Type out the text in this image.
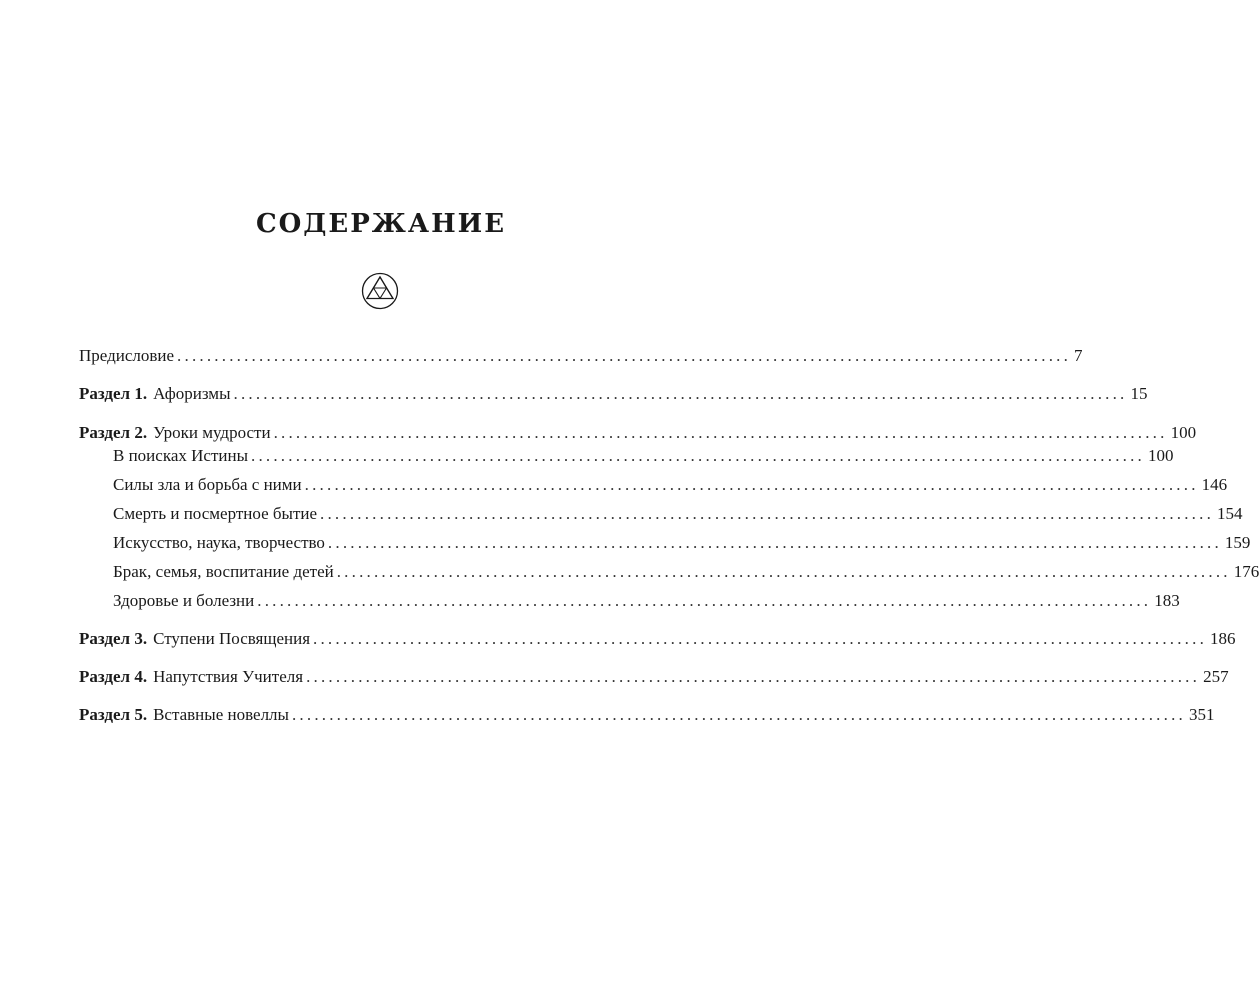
СОДЕРЖАНИЕ
Предисловие ........................................................................................................................ 7
Раздел 1. Афоризмы ........................................................................................................................ 15
Раздел 2. Уроки мудрости ........................................................................................................................ 100
В поисках Истины ........................................................................................................................ 100
Силы зла и борьба с ними ........................................................................................................................ 146
Смерть и посмертное бытие ........................................................................................................................ 154
Искусство, наука, творчество ........................................................................................................................ 159
Брак, семья, воспитание детей ........................................................................................................................ 176
Здоровье и болезни ........................................................................................................................ 183
Раздел 3. Ступени Посвящения ........................................................................................................................ 186
Раздел 4. Напутствия Учителя ........................................................................................................................ 257
Раздел 5. Вставные новеллы ........................................................................................................................ 351
